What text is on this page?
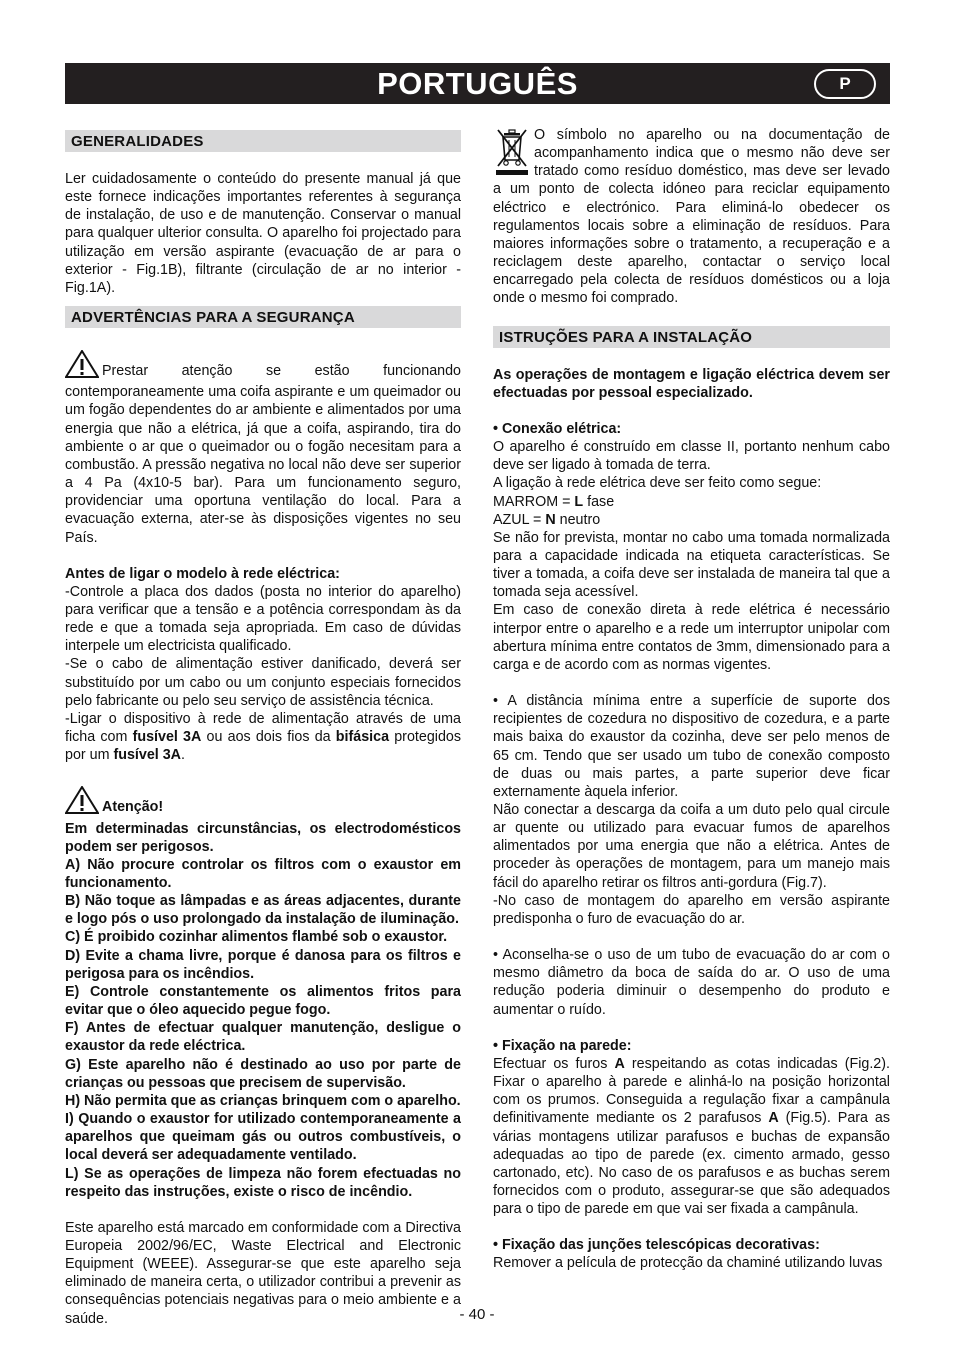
PORTUGUÊS	P
GENERALIDADES

Ler cuidadosamente o conteúdo do presente manual já que este fornece indicações importantes referentes à segurança de instalação, de uso e de manutenção. Conservar o manual para qualquer ulterior consulta. O aparelho foi projectado para utilização em versão aspirante (evacuação de ar para o exterior - Fig.1B), filtrante (circulação de ar no interior - Fig.1A).

ADVERTÊNCIAS PARA A SEGURANÇA

Prestar atenção se estão funcionando contemporaneamente uma coifa aspirante e um queimador ou um fogão dependentes do ar ambiente e alimentados por uma energia que não a elétrica, já que a coifa, aspirando, tira do ambiente o ar que o queimador ou o fogão necesitam para a combustão. A pressão negativa no local não deve ser superior a 4 Pa (4x10-5 bar). Para um funcionamento seguro, providenciar uma oportuna ventilação do local. Para a evacuação externa, ater-se às disposições vigentes no seu País.

Antes de ligar o modelo à rede eléctrica:

-Controle a placa dos dados (posta no interior do aparelho) para verificar que a tensão e a potência correspondam às da rede e que a tomada seja apropriada. Em caso de dúvidas interpele um electricista qualificado.

-Se o cabo de alimentação estiver danificado, deverá ser substituído por um cabo ou um conjunto especiais fornecidos pelo fabricante ou pelo seu serviço de assistência técnica.

-Ligar o dispositivo à rede de alimentação através de uma ficha com fusível 3A ou aos dois fios da bifásica protegidos por um fusível 3A.

Atenção!

Em determinadas circunstâncias, os electrodomésticos podem ser perigosos.

A) Não procure controlar os filtros com o exaustor em funcionamento.

B) Não toque as lâmpadas e as áreas adjacentes, durante e logo pós o uso prolongado da instalação de iluminação.

C) É proibido cozinhar alimentos flambé sob o exaustor.

D) Evite a chama livre, porque é danosa para os filtros e perigosa para os incêndios.

E) Controle constantemente os alimentos fritos para evitar que o óleo aquecido pegue fogo.

F) Antes de efectuar qualquer manutenção, desligue o exaustor da rede eléctrica.

G) Este aparelho não é destinado ao uso por parte de crianças ou pessoas que precisem de supervisão.

H) Não permita que as crianças brinquem com o aparelho.

I) Quando o exaustor for utilizado contemporaneamente a aparelhos que queimam gás ou outros combustíveis, o local deverá ser adequadamente ventilado.

L) Se as operações de limpeza não forem efectuadas no respeito das instruções, existe o risco de incêndio.

Este aparelho está marcado em conformidade com a Directiva Europeia 2002/96/EC, Waste Electrical and Electronic Equipment (WEEE). Assegurar-se que este aparelho seja eliminado de maneira certa, o utilizador contribui a prevenir as consequências potenciais negativas para o meio ambiente e a saúde.

O símbolo no aparelho ou na documentação de acompanhamento indica que o mesmo não deve ser tratado como resíduo doméstico, mas deve ser levado a um ponto de colecta idóneo para reciclar equipamento eléctrico e electrónico. Para eliminá-lo obedecer os regulamentos locais sobre a eliminação de resíduos. Para maiores informações sobre o tratamento, a recuperação e a reciclagem deste aparelho, contactar o serviço local encarregado pela colecta de resíduos domésticos ou a loja onde o mesmo foi comprado.

ISTRUÇÕES PARA A INSTALAÇÃO

As operações de montagem e ligação eléctrica devem ser efectuadas por pessoal especializado.

• Conexão elétrica:

O aparelho é construído em classe II, portanto nenhum cabo deve ser ligado à tomada de terra.

A ligação à rede elétrica deve ser feito como segue:

MARROM = L fase

AZUL = N neutro

Se não for prevista, montar no cabo uma tomada normalizada para a capacidade indicada na etiqueta características. Se tiver a tomada, a coifa deve ser instalada de maneira tal que a tomada seja acessível.

Em caso de conexão direta à rede elétrica é necessário interpor entre o aparelho e a rede um interruptor unipolar com abertura mínima entre contatos de 3mm, dimensionado para a carga e de acordo com as normas vigentes.

• A distância mínima entre a superfície de suporte dos recipientes de cozedura no dispositivo de cozedura, e a parte mais baixa do exaustor da cozinha, deve ser pelo menos de 65 cm. Tendo que ser usado um tubo de conexão composto de duas ou mais partes, a parte superior deve ficar externamente àquela inferior.

Não conectar a descarga da coifa a um duto pelo qual circule ar quente ou utilizado para evacuar fumos de aparelhos alimentados por uma energia que não a elétrica. Antes de proceder às operações de montagem, para um manejo mais fácil do aparelho retirar os filtros anti-gordura (Fig.7).

-No caso de montagem do aparelho em versão aspirante predisponha o furo de evacuação do ar.

• Aconselha-se o uso de um tubo de evacuação do ar com o mesmo diâmetro da boca de saída do ar. O uso de uma redução poderia diminuir o desempenho do produto e aumentar o ruído.

• Fixação na parede:

Efectuar os furos A respeitando as cotas indicadas (Fig.2). Fixar o aparelho à parede e alinhá-lo na posição horizontal com os prumos. Conseguida a regulação fixar a campânula definitivamente mediante os 2 parafusos A (Fig.5). Para as várias montagens utilizar parafusos e buchas de expansão adequadas ao tipo de parede (ex. cimento armado, gesso cartonado, etc). No caso de os parafusos e as buchas serem fornecidos com o produto, assegurar-se que são adequados para o tipo de parede em que vai ser fixada a campânula.

• Fixação das junções telescópicas decorativas:

Remover a película de protecção da chaminé utilizando luvas

- 40 -
